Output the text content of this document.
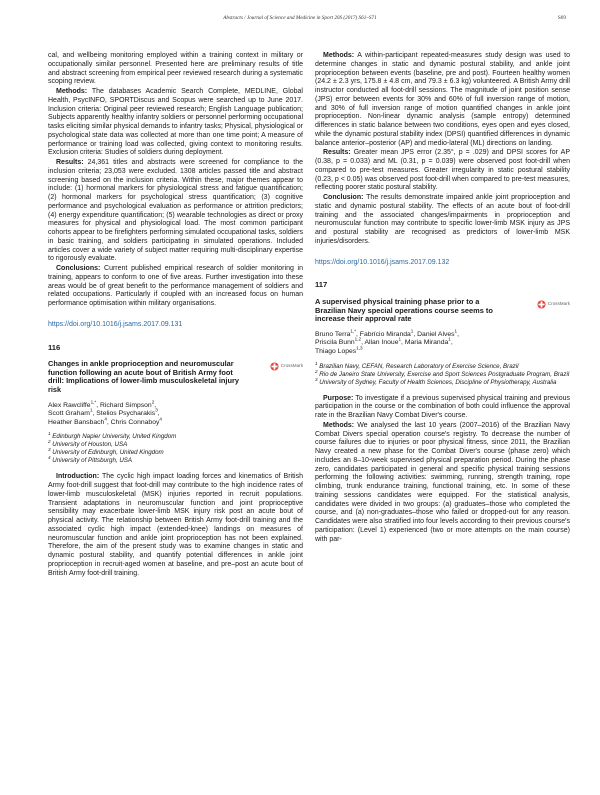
Abstracts / Journal of Science and Medicine in Sport 20S (2017) S61–S71	S69

cal, and wellbeing monitoring employed within a training context in military or occupationally similar personnel. Presented here are preliminary results of title and abstract screening from empirical peer reviewed research during a systematic scoping review.

Methods: The databases Academic Search Complete, MEDLINE, Global Health, PsycINFO, SPORTDiscus and Scopus were searched up to June 2017. Inclusion criteria: Original peer reviewed research; English Language publication; Subjects apparently healthy infantry soldiers or personnel performing occupational tasks eliciting similar physical demands to infantry tasks; Physical, physiological or psychological state data was collected at more than one time point; A measure of performance or training load was collected, giving context to monitoring results. Exclusion criteria: Studies of soldiers during deployment.

Results: 24,361 titles and abstracts were screened for compliance to the inclusion criteria; 23,053 were excluded. 1308 articles passed title and abstract screening based on the inclusion criteria. Within these, major themes appear to include: (1) hormonal markers for physiological stress and fatigue quantification; (2) hormonal markers for psychological stress quantification; (3) cognitive performance and psychological evaluation as performance or attrition predictors; (4) energy expenditure quantification; (5) wearable technologies as direct or proxy measures for physical and physiological load. The most common participant cohorts appear to be firefighters performing simulated occupational tasks, soldiers in basic training, and soldiers participating in simulated operations. Included articles cover a wide variety of subject matter requiring multi-disciplinary expertise to rigorously evaluate.

Conclusions: Current published empirical research of soldier monitoring in training, appears to conform to one of five areas. Further investigation into these areas would be of great benefit to the performance management of soldiers and related occupations. Particularly if coupled with an increased focus on human performance optimisation within military organisations.

https://doi.org/10.1016/j.jsams.2017.09.131
116
Changes in ankle proprioception and neuromuscular function following an acute bout of British Army foot drill: Implications of lower-limb musculoskeletal injury risk
CrossMark
Alex Rawcliffe$^{1,*}$, Richard Simpson$^2$,
Scott Graham$^1$, Stelios Psycharakis$^3$,
Heather Bansbach$^4$, Chris Connaboy$^4$
$^1$ Edinburgh Napier University, United Kingdom
$^2$ University of Houston, USA
$^3$ University of Edinburgh, United Kingdom
$^4$ University of Pittsburgh, USA

Introduction: The cyclic high impact loading forces and kinematics of British Army foot-drill suggest that foot-drill may contribute to the high incidence rates of lower-limb musculoskeletal (MSK) injuries reported in recruit populations. Transient adaptations in neuromuscular function and joint proprioceptive sensibility may exacerbate lower-limb MSK injury risk post an acute bout of physical activity. The relationship between British Army foot-drill training and the associated cyclic high impact (extended-knee) landings on measures of neuromuscular function and ankle joint proprioception has not been explained. Therefore, the aim of the present study was to examine changes in static and dynamic postural stability, and quantify potential differences in ankle joint proprioception in recruit-aged women at baseline, and pre–post an acute bout of British Army foot-drill training.

Methods: A within-participant repeated-measures study design was used to determine changes in static and dynamic postural stability, and ankle joint proprioception between events (baseline, pre and post). Fourteen healthy women (24.2 ± 2.3 yrs, 175.8 ± 4.8 cm, and 79.3 ± 6.3 kg) volunteered. A British Army drill instructor conducted all foot-drill sessions. The magnitude of joint position sense (JPS) error between events for 30% and 60% of full inversion range of motion, and 30% of full inversion range of motion quantified changes in ankle joint proprioception. Non-linear dynamic analysis (sample entropy) determined differences in static balance between two conditions, eyes open and eyes closed, while the dynamic postural stability index (DPSI) quantified differences in dynamic balance anterior–posterior (AP) and medio-lateral (ML) directions on landing.

Results: Greater mean JPS error (2.35°, p = .029) and DPSI scores for AP (0.38, p = 0.033) and ML (0.31, p = 0.039) were observed post foot-drill when compared to pre-test measures. Greater irregularity in static postural stability (0.23, p < 0.05) was observed post foot-drill when compared to pre-test measures, reflecting poorer static postural stability.

Conclusion: The results demonstrate impaired ankle joint proprioception and static and dynamic postural stability. The effects of an acute bout of foot-drill training and the associated changes/impairments in proprioception and neuromuscular function may contribute to specific lower-limb MSK injury as JPS and postural stability are recognised as predictors of lower-limb MSK injuries/disorders.

https://doi.org/10.1016/j.jsams.2017.09.132
117
A supervised physical training phase prior to a Brazilian Navy special operations course seems to increase their approval rate
CrossMark
Bruno Terra$^{1,*}$, Fabrício Miranda$^1$, Daniel Alves$^1$,
Priscila Bunn$^{1,2}$, Allan Inoue$^1$, Maria Miranda$^1$,
Thiago Lopes$^{1,3}$
$^1$ Brazilian Navy, CEFAN, Research Laboratory of Exercise Science, Brazil
$^2$ Rio de Janeiro State University, Exercise and Sport Sciences Postgraduate Program, Brazil
$^3$ University of Sydney, Faculty of Health Sciences, Discipline of Physiotherapy, Australia

Purpose: To investigate if a previous supervised physical training and previous participation in the course or the combination of both could influence the approval rate in the Brazilian Navy Combat Diver's course.

Methods: We analysed the last 10 years (2007–2016) of the Brazilian Navy Combat Divers special operation course's registry. To decrease the number of course failures due to injuries or poor physical fitness, since 2011, the Brazilian Navy created a new phase for the Combat Diver's course (phase zero) which includes an 8–10-week supervised physical preparation period. During the phase zero, candidates participated in general and specific physical training sessions performing the following activities: swimming, running, strength training, rope climbing, trunk endurance training, functional training, etc. In some of these training sessions candidates were equipped. For the statistical analysis, candidates were divided in two groups: (a) graduates–those who completed the course, and (a) non-graduates–those who failed or dropped-out for any reason. Candidates were also stratified into four levels according to their previous course's participation: (Level 1) experienced (two or more attempts on the main course) with par-
